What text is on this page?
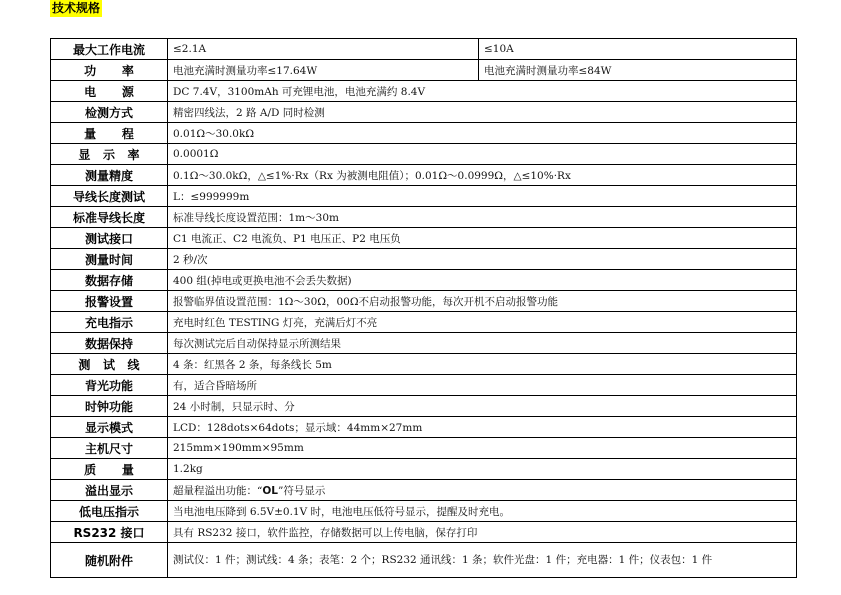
技术规格
最大工作电流	≤2.1A	≤10A
功 率	电池充满时测量功率≤17.64W	电池充满时测量功率≤84W
电 源	DC 7.4V，3100mAh 可充锂电池，电池充满约 8.4V	
检测方式	精密四线法，2 路 A/D 同时检测	
量 程	0.01Ω～30.0kΩ	
显 示 率	0.0001Ω	
测量精度	0.1Ω～30.0kΩ，△≤1%·Rx（Rx 为被测电阻值）；0.01Ω～0.0999Ω，△≤10%·Rx	
导线长度测试	L：≤999999m	
标准导线长度	标准导线长度设置范围：1m～30m	
测试接口	C1 电流正、C2 电流负、P1 电压正、P2 电压负	
测量时间	2 秒/次	
数据存储	400 组(掉电或更换电池不会丢失数据)	
报警设置	报警临界值设置范围：1Ω～30Ω，00Ω不启动报警功能，每次开机不启动报警功能	
充电指示	充电时红色 TESTING 灯亮，充满后灯不亮	
数据保持	每次测试完后自动保持显示所测结果	
测 试 线	4 条：红黑各 2 条，每条线长 5m	
背光功能	有，适合昏暗场所	
时钟功能	24 小时制，只显示时、分	
显示模式	LCD：128dots×64dots；显示域：44mm×27mm	
主机尺寸	215mm×190mm×95mm	
质 量	1.2kg	
溢出显示	超量程溢出功能：“OL”符号显示	
低电压指示	当电池电压降到 6.5V±0.1V 时，电池电压低符号显示，提醒及时充电。	
RS232 接口	具有 RS232 接口，软件监控，存储数据可以上传电脑，保存打印	
随机附件	测试仪：1 件；测试线：4 条；表笔：2 个；RS232 通讯线：1 条；软件光盘：1 件；充电器：1 件；仪表包：1 件	
